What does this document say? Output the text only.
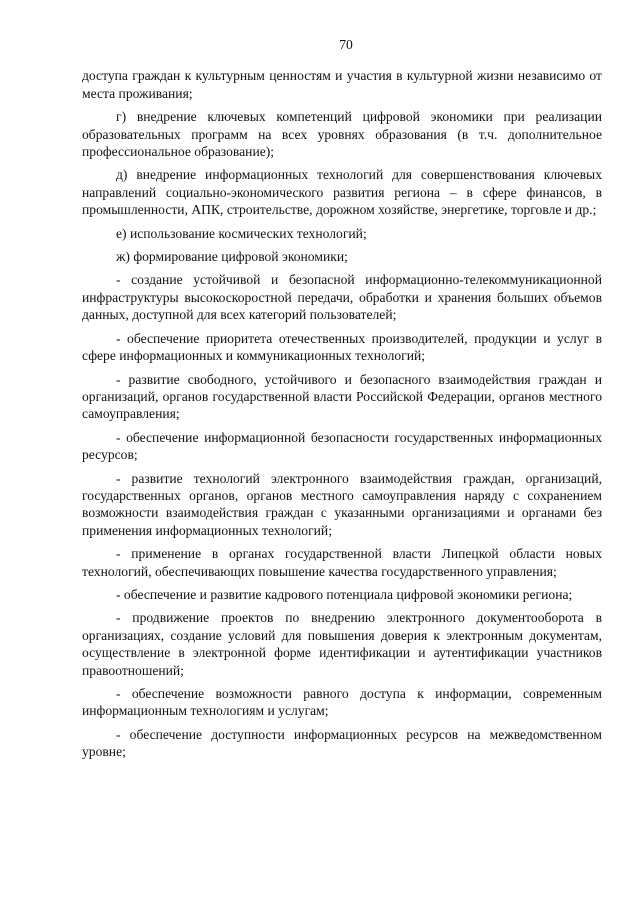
70

доступа граждан к культурным ценностям и участия в культурной жизни независимо от места проживания;

г) внедрение ключевых компетенций цифровой экономики при реализации образовательных программ на всех уровнях образования (в т.ч. дополнительное профессиональное образование);

д) внедрение информационных технологий для совершенствования ключевых направлений социально-экономического развития региона – в сфере финансов, в промышленности, АПК, строительстве, дорожном хозяйстве, энергетике, торговле и др.;

е) использование космических технологий;

ж) формирование цифровой экономики;

- создание устойчивой и безопасной информационно-телекоммуникационной инфраструктуры высокоскоростной передачи, обработки и хранения больших объемов данных, доступной для всех категорий пользователей;

- обеспечение приоритета отечественных производителей, продукции и услуг в сфере информационных и коммуникационных технологий;

- развитие свободного, устойчивого и безопасного взаимодействия граждан и организаций, органов государственной власти Российской Федерации, органов местного самоуправления;

- обеспечение информационной безопасности государственных информационных ресурсов;

- развитие технологий электронного взаимодействия граждан, организаций, государственных органов, органов местного самоуправления наряду с сохранением возможности взаимодействия граждан с указанными организациями и органами без применения информационных технологий;

- применение в органах государственной власти Липецкой области новых технологий, обеспечивающих повышение качества государственного управления;

- обеспечение и развитие кадрового потенциала цифровой экономики региона;

- продвижение проектов по внедрению электронного документооборота в организациях, создание условий для повышения доверия к электронным документам, осуществление в электронной форме идентификации и аутентификации участников правоотношений;

- обеспечение возможности равного доступа к информации, современным информационным технологиям и услугам;

- обеспечение доступности информационных ресурсов на межведомственном уровне;
